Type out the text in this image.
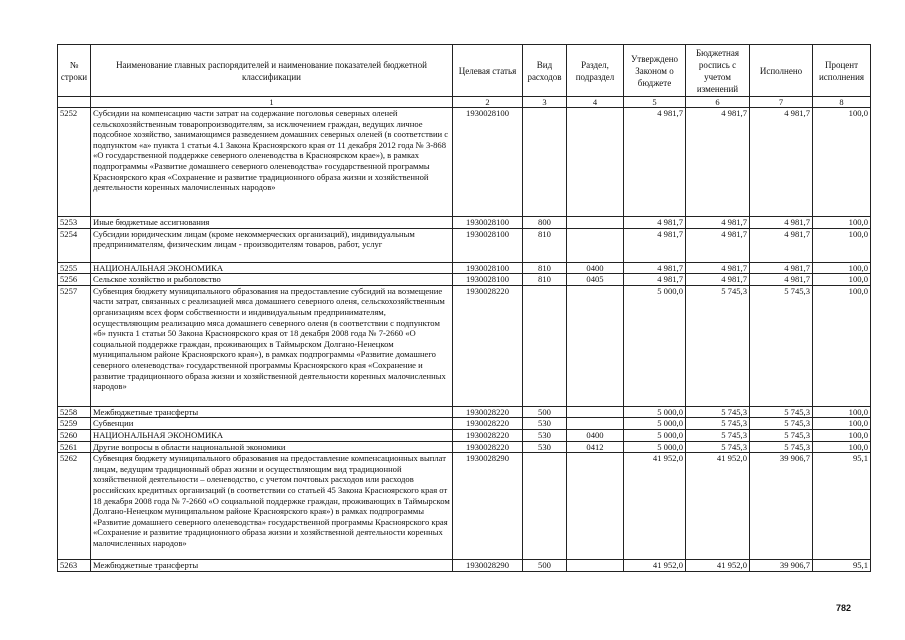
№ строки	Наименование главных распорядителей и наименование показателей бюджетной классификации	Целевая статья	Вид расходов	Раздел, подраздел	Утверждено Законом о бюджете	Бюджетная роспись с учетом изменений	Исполнено	Процент исполнения
	1	2	3	4	5	6	7	8
5252	Субсидии на компенсацию части затрат на содержание поголовья северных оленей сельскохозяйственным товаропроизводителям, за исключением граждан, ведущих личное подсобное хозяйство, занимающимся разведением домашних северных оленей (в соответствии с подпунктом «а» пункта 1 статьи 4.1 Закона Красноярского края от 11 декабря 2012 года № 3-868 «О государственной поддержке северного оленеводства в Красноярском крае»), в рамках подпрограммы «Развитие домашнего северного оленеводства» государственной программы Красноярского края «Сохранение и развитие традиционного образа жизни и хозяйственной деятельности коренных малочисленных народов»	1930028100			4 981,7	4 981,7	4 981,7	100,0
5253	Иные бюджетные ассигнования	1930028100	800		4 981,7	4 981,7	4 981,7	100,0
5254	Субсидии юридическим лицам (кроме некоммерческих организаций), индивидуальным предпринимателям, физическим лицам - производителям товаров, работ, услуг	1930028100	810		4 981,7	4 981,7	4 981,7	100,0
5255	НАЦИОНАЛЬНАЯ ЭКОНОМИКА	1930028100	810	0400	4 981,7	4 981,7	4 981,7	100,0
5256	Сельское хозяйство и рыболовство	1930028100	810	0405	4 981,7	4 981,7	4 981,7	100,0
5257	Субвенция бюджету муниципального образования на предоставление субсидий на возмещение части затрат, связанных с реализацией мяса домашнего северного оленя, сельскохозяйственным организациям всех форм собственности и индивидуальным предпринимателям, осуществляющим реализацию мяса домашнего северного оленя (в соответствии с подпунктом «б» пункта 1 статьи 50 Закона Красноярского края от 18 декабря 2008 года № 7-2660 «О социальной поддержке граждан, проживающих в Таймырском Долгано-Ненецком муниципальном районе Красноярского края»), в рамках подпрограммы «Развитие домашнего северного оленеводства» государственной программы Красноярского края «Сохранение и развитие традиционного образа жизни и хозяйственной деятельности коренных малочисленных народов»	1930028220			5 000,0	5 745,3	5 745,3	100,0
5258	Межбюджетные трансферты	1930028220	500		5 000,0	5 745,3	5 745,3	100,0
5259	Субвенции	1930028220	530		5 000,0	5 745,3	5 745,3	100,0
5260	НАЦИОНАЛЬНАЯ ЭКОНОМИКА	1930028220	530	0400	5 000,0	5 745,3	5 745,3	100,0
5261	Другие вопросы в области национальной экономики	1930028220	530	0412	5 000,0	5 745,3	5 745,3	100,0
5262	Субвенция бюджету муниципального образования на предоставление компенсационных выплат лицам, ведущим традиционный образ жизни и осуществляющим вид традиционной хозяйственной деятельности – оленеводство, с учетом почтовых расходов или расходов российских кредитных организаций (в соответствии со статьей 45 Закона Красноярского края от 18 декабря 2008 года № 7-2660 «О социальной поддержке граждан, проживающих в Таймырском Долгано-Ненецком муниципальном районе Красноярского края») в рамках подпрограммы «Развитие домашнего северного оленеводства» государственной программы Красноярского края «Сохранение и развитие традиционного образа жизни и хозяйственной деятельности коренных малочисленных народов»	1930028290			41 952,0	41 952,0	39 906,7	95,1
5263	Межбюджетные трансферты	1930028290	500		41 952,0	41 952,0	39 906,7	95,1
782
